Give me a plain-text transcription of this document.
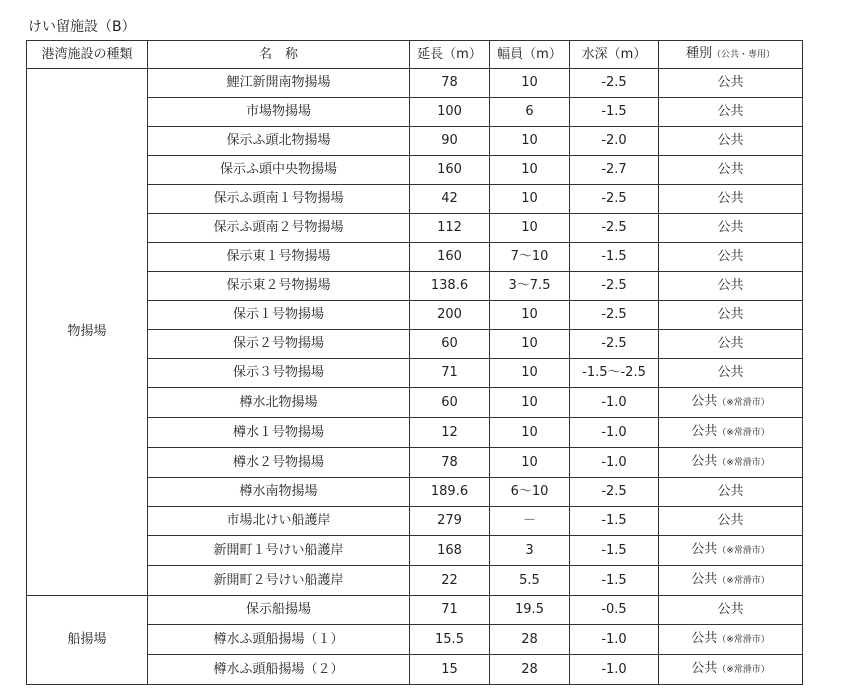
けい留施設（B）
港湾施設の種類	名　称	延長（m）	幅員（m）	水深（m）	種別（公共・専用）
物揚場	鯉江新開南物揚場	78	10	-2.5	公共
	市場物揚場	100	6	-1.5	公共
	保示ふ頭北物揚場	90	10	-2.0	公共
	保示ふ頭中央物揚場	160	10	-2.7	公共
	保示ふ頭南１号物揚場	42	10	-2.5	公共
	保示ふ頭南２号物揚場	112	10	-2.5	公共
	保示東１号物揚場	160	7～10	-1.5	公共
	保示東２号物揚場	138.6	3～7.5	-2.5	公共
	保示１号物揚場	200	10	-2.5	公共
	保示２号物揚場	60	10	-2.5	公共
	保示３号物揚場	71	10	-1.5～-2.5	公共
	樽水北物揚場	60	10	-1.0	公共（※常滑市）
	樽水１号物揚場	12	10	-1.0	公共（※常滑市）
	樽水２号物揚場	78	10	-1.0	公共（※常滑市）
	樽水南物揚場	189.6	6～10	-2.5	公共
	市場北けい船護岸	279	－	-1.5	公共
	新開町１号けい船護岸	168	3	-1.5	公共（※常滑市）
	新開町２号けい船護岸	22	5.5	-1.5	公共（※常滑市）
船揚場	保示船揚場	71	19.5	-0.5	公共
	樽水ふ頭船揚場（１）	15.5	28	-1.0	公共（※常滑市）
	樽水ふ頭船揚場（２）	15	28	-1.0	公共（※常滑市）
